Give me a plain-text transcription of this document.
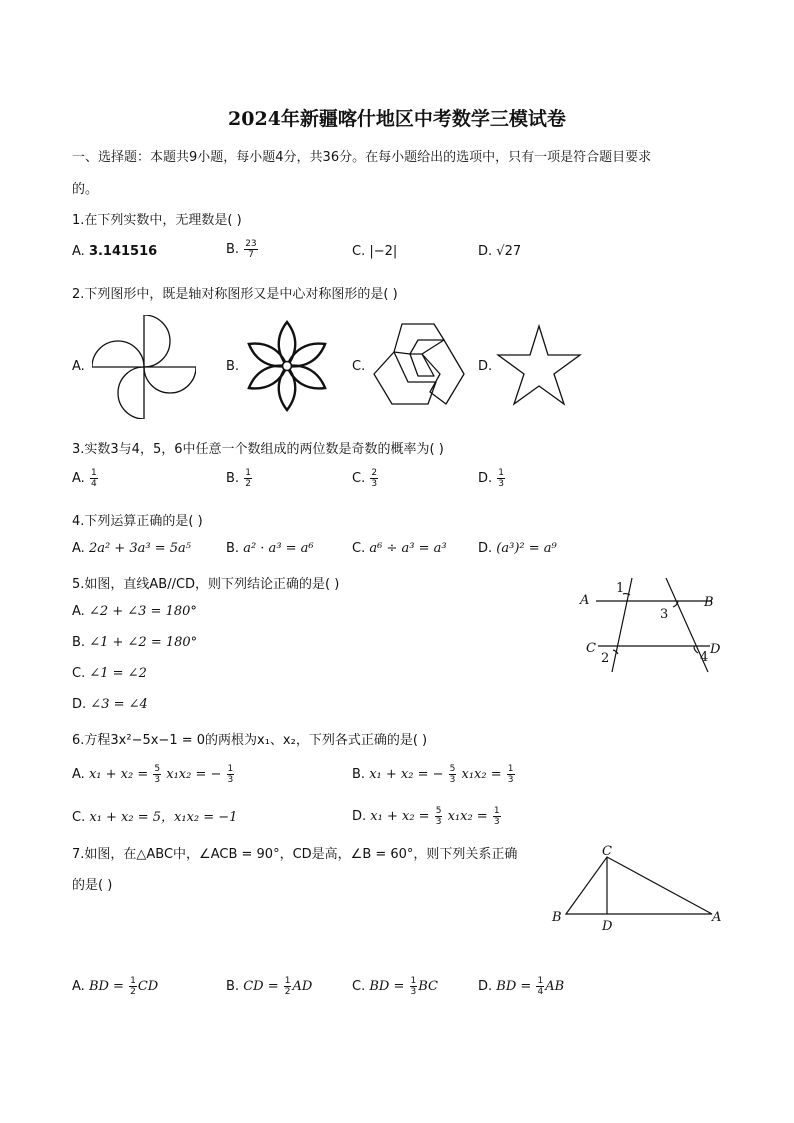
2024年新疆喀什地区中考数学三模试卷
一、选择题：本题共9小题，每小题4分，共36分。在每小题给出的选项中，只有一项是符合题目要求
的。
1.在下列实数中，无理数是( )
A. 3.141516	B. $\frac{23}{7}$	C. |−2|	D. √27
2.下列图形中，既是轴对称图形又是中心对称图形的是( )
A.	B.	C.	D.
3.实数3与4，5，6中任意一个数组成的两位数是奇数的概率为( )
A. $\frac{1}{4}$	B. $\frac{1}{2}$	C. $\frac{2}{3}$	D. $\frac{1}{3}$
4.下列运算正确的是( )
A. 2a² + 3a³ = 5a⁵	B. a² · a³ = a⁶	C. a⁶ ÷ a³ = a³ D. (a³)² = a⁹
5.如图，直线AB//CD，则下列结论正确的是( )
A. ∠2 + ∠3 = 180°
B. ∠1 + ∠2 = 180°
C. ∠1 = ∠2
D. ∠3 = ∠4
A	B
C	D
1
3
2	4
6.方程3x²−5x−1 = 0的两根为x₁、x₂，下列各式正确的是( )
A. $x_1 + x_2 = \frac{5}{3} x_1x_2$ = − $\frac{1}{3}$	B. x₁ + x₂ = − $\frac{5}{3} x_1x_2 = \frac{1}{3}$
C. x₁ + x₂ = 5，x₁x₂ = −1	D. $x_1 + x_2 = \frac{5}{3} x_1x_2 = \frac{1}{3}$
7.如图，在△ABC中，∠ACB = 90°，CD是高，∠B = 60°，则下列关系正确
的是( )
C
B	A
D
A. BD = $\frac{1}{2}$ CD	B. CD = $\frac{1}{2}$ AD	C. BD = $\frac{1}{3}$ BC	D. BD = $\frac{1}{4}$ AB
